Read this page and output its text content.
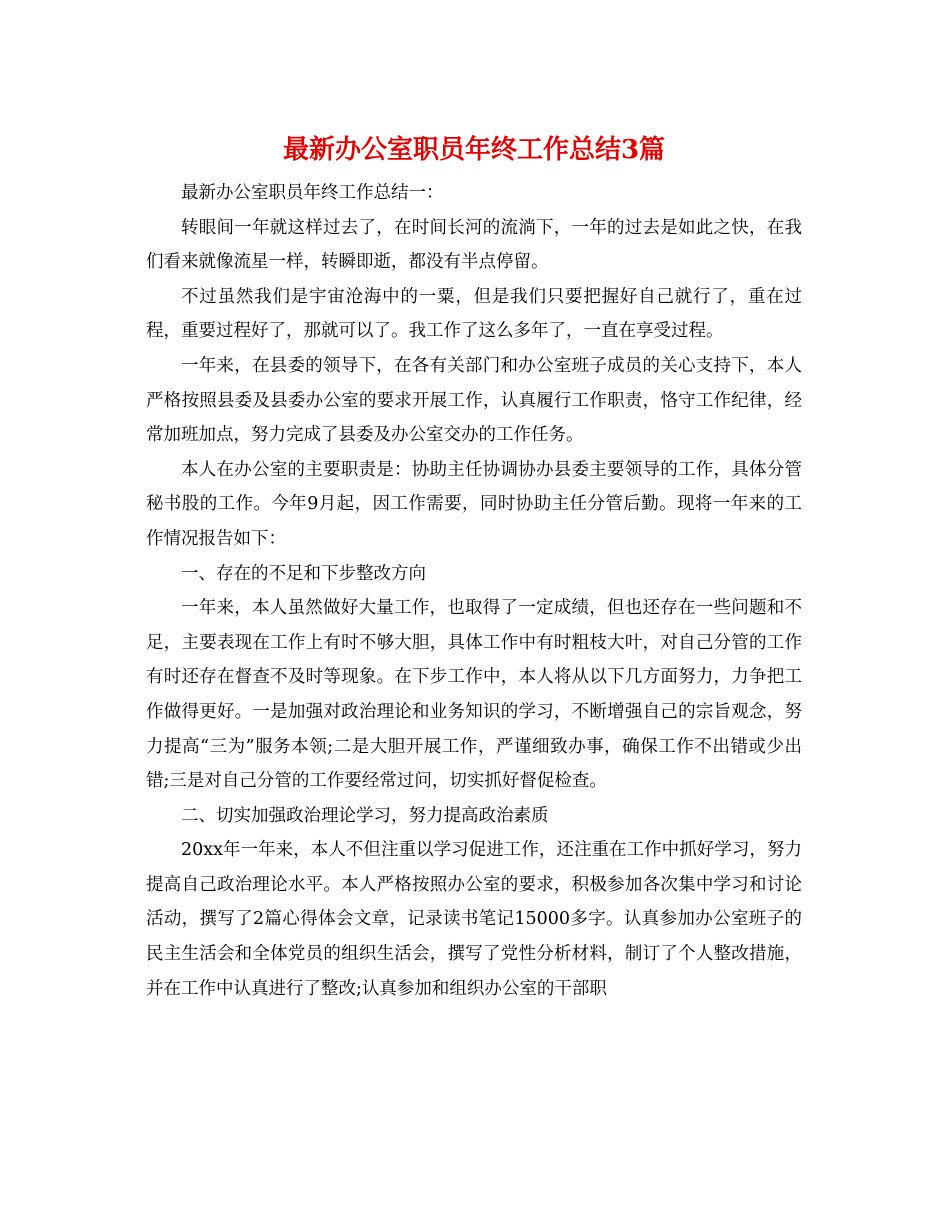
最新办公室职员年终工作总结3篇

最新办公室职员年终工作总结一：

转眼间一年就这样过去了，在时间长河的流淌下，一年的过去是如此之快，在我们看来就像流星一样，转瞬即逝，都没有半点停留。

不过虽然我们是宇宙沧海中的一粟，但是我们只要把握好自己就行了，重在过程，重要过程好了，那就可以了。我工作了这么多年了，一直在享受过程。

一年来，在县委的领导下，在各有关部门和办公室班子成员的关心支持下，本人严格按照县委及县委办公室的要求开展工作，认真履行工作职责，恪守工作纪律，经常加班加点，努力完成了县委及办公室交办的工作任务。

本人在办公室的主要职责是：协助主任协调协办县委主要领导的工作，具体分管秘书股的工作。今年9月起，因工作需要，同时协助主任分管后勤。现将一年来的工作情况报告如下：

一、存在的不足和下步整改方向

一年来，本人虽然做好大量工作，也取得了一定成绩，但也还存在一些问题和不足，主要表现在工作上有时不够大胆，具体工作中有时粗枝大叶，对自己分管的工作有时还存在督查不及时等现象。在下步工作中，本人将从以下几方面努力，力争把工作做得更好。一是加强对政治理论和业务知识的学习，不断增强自己的宗旨观念，努力提高“三为”服务本领;二是大胆开展工作，严谨细致办事，确保工作不出错或少出错;三是对自己分管的工作要经常过问，切实抓好督促检查。

二、切实加强政治理论学习，努力提高政治素质

20xx年一年来，本人不但注重以学习促进工作，还注重在工作中抓好学习，努力提高自己政治理论水平。本人严格按照办公室的要求，积极参加各次集中学习和讨论活动，撰写了2篇心得体会文章，记录读书笔记15000多字。认真参加办公室班子的民主生活会和全体党员的组织生活会，撰写了党性分析材料，制订了个人整改措施，并在工作中认真进行了整改;认真参加和组织办公室的干部职
